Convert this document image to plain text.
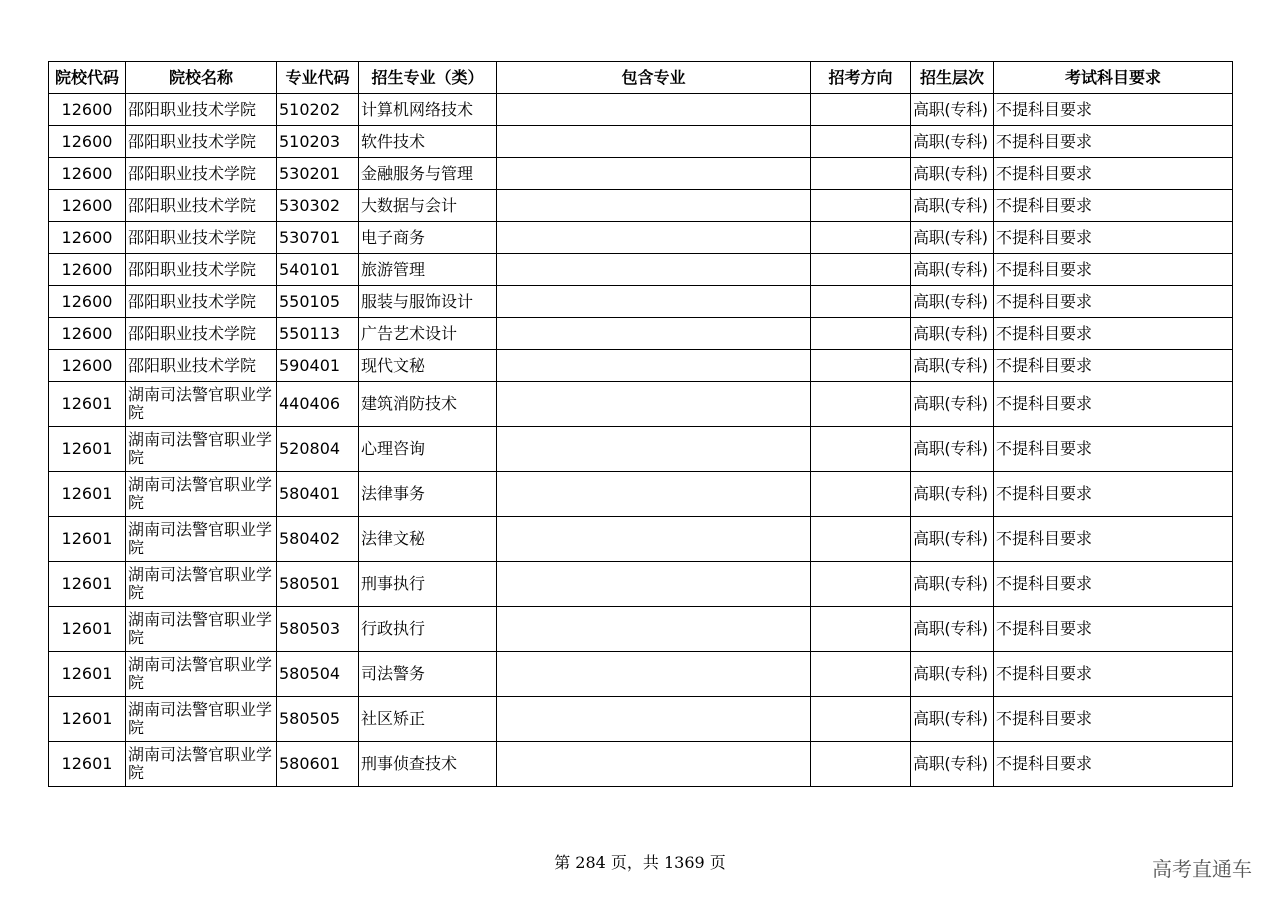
院校代码	院校名称	专业代码	招生专业（类）	包含专业	招考方向	招生层次	考试科目要求
12600	邵阳职业技术学院	510202	计算机网络技术			高职(专科)	不提科目要求
12600	邵阳职业技术学院	510203	软件技术			高职(专科)	不提科目要求
12600	邵阳职业技术学院	530201	金融服务与管理			高职(专科)	不提科目要求
12600	邵阳职业技术学院	530302	大数据与会计			高职(专科)	不提科目要求
12600	邵阳职业技术学院	530701	电子商务			高职(专科)	不提科目要求
12600	邵阳职业技术学院	540101	旅游管理			高职(专科)	不提科目要求
12600	邵阳职业技术学院	550105	服装与服饰设计			高职(专科)	不提科目要求
12600	邵阳职业技术学院	550113	广告艺术设计			高职(专科)	不提科目要求
12600	邵阳职业技术学院	590401	现代文秘			高职(专科)	不提科目要求
12601	湖南司法警官职业学院	440406	建筑消防技术			高职(专科)	不提科目要求
12601	湖南司法警官职业学院	520804	心理咨询			高职(专科)	不提科目要求
12601	湖南司法警官职业学院	580401	法律事务			高职(专科)	不提科目要求
12601	湖南司法警官职业学院	580402	法律文秘			高职(专科)	不提科目要求
12601	湖南司法警官职业学院	580501	刑事执行			高职(专科)	不提科目要求
12601	湖南司法警官职业学院	580503	行政执行			高职(专科)	不提科目要求
12601	湖南司法警官职业学院	580504	司法警务			高职(专科)	不提科目要求
12601	湖南司法警官职业学院	580505	社区矫正			高职(专科)	不提科目要求
12601	湖南司法警官职业学院	580601	刑事侦查技术			高职(专科)	不提科目要求
第 284 页，共 1369 页	高考直通车
